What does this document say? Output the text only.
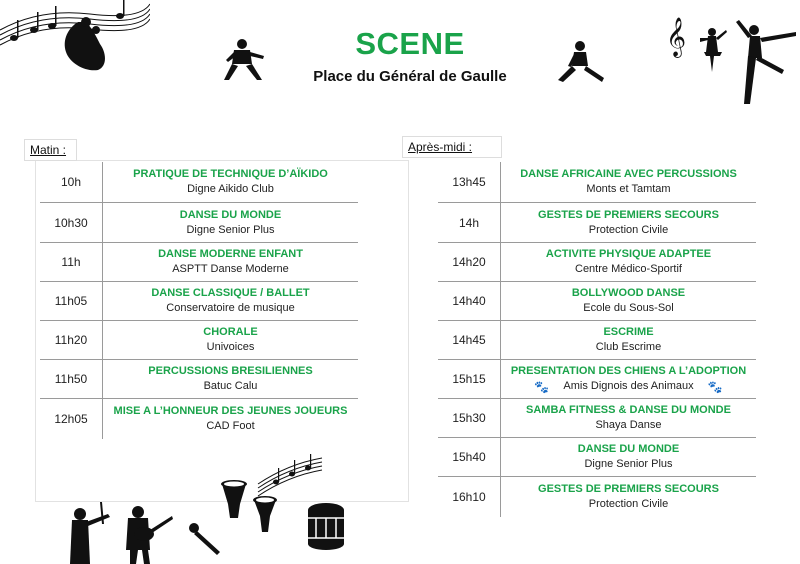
SCENE
Place du Général de Gaulle
𝄞
Matin :
10h
PRATIQUE DE TECHNIQUE D’AÏKIDO
Digne Aikido Club
10h30
DANSE DU MONDE
Digne Senior Plus
11h
DANSE MODERNE ENFANT
ASPTT Danse Moderne
11h05
DANSE CLASSIQUE / BALLET
Conservatoire de musique
11h20
CHORALE
Univoices
11h50
PERCUSSIONS BRESILIENNES
Batuc Calu
12h05
MISE A L’HONNEUR DES JEUNES JOUEURS
CAD Foot
Après-midi :
13h45
DANSE AFRICAINE AVEC PERCUSSIONS
Monts et Tamtam
14h
GESTES DE PREMIERS SECOURS
Protection Civile
14h20
ACTIVITE PHYSIQUE ADAPTEE
Centre Médico-Sportif
14h40
BOLLYWOOD DANSE
Ecole du Sous-Sol
14h45
ESCRIME
Club Escrime
15h15
PRESENTATION DES CHIENS A L’ADOPTION
🐾 Amis Dignois des Animaux 🐾
15h30
SAMBA FITNESS & DANSE DU MONDE
Shaya Danse
15h40
DANSE DU MONDE
Digne Senior Plus
16h10
GESTES DE PREMIERS SECOURS
Protection Civile
